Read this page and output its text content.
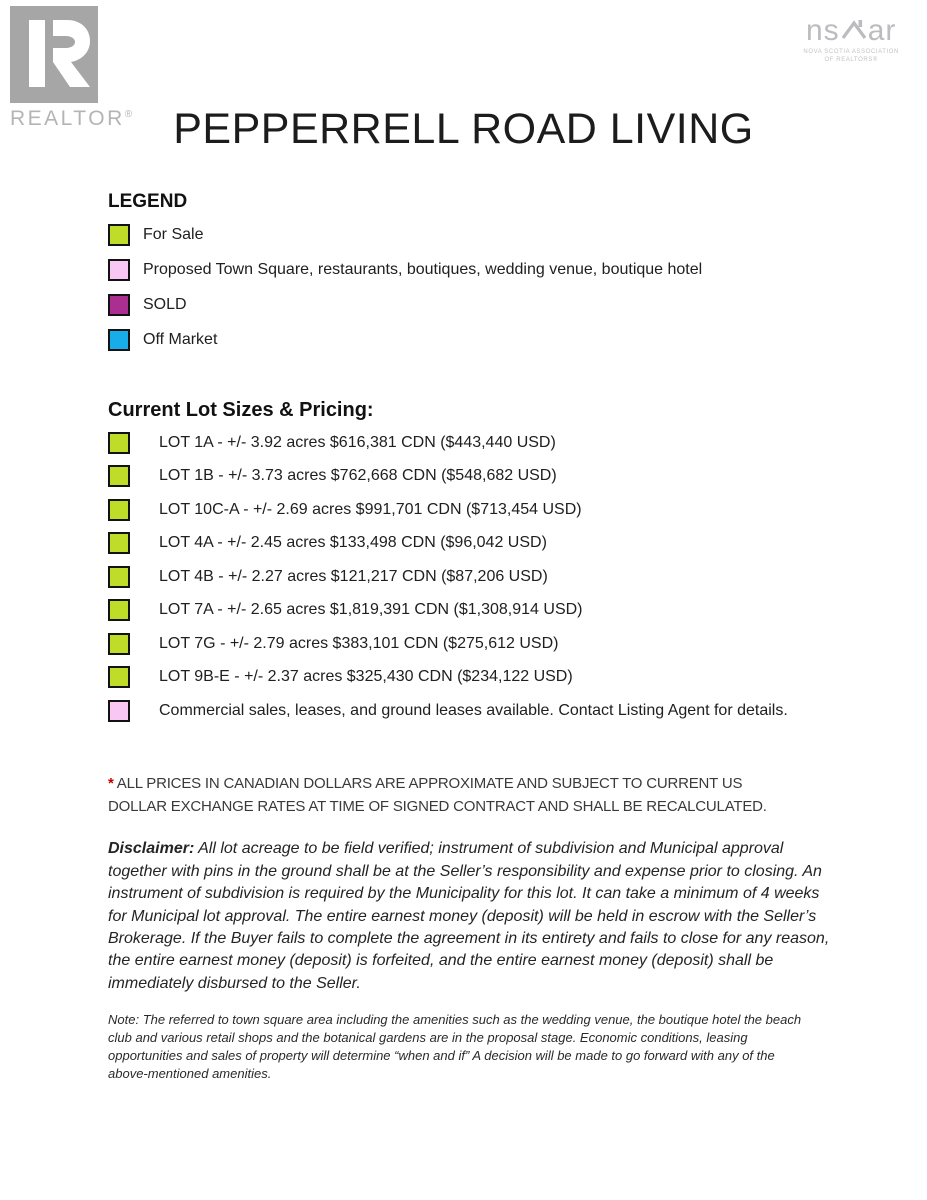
REALTOR®
ns ar
NOVA SCOTIA ASSOCIATION
OF REALTORS®
PEPPERRELL ROAD LIVING
LEGEND
For Sale
Proposed Town Square, restaurants, boutiques, wedding venue, boutique hotel
SOLD
Off Market
Current Lot Sizes & Pricing:
LOT 1A - +/- 3.92 acres $616,381 CDN ($443,440 USD)
LOT 1B - +/- 3.73 acres $762,668 CDN ($548,682 USD)
LOT 10C-A - +/- 2.69 acres $991,701 CDN ($713,454 USD)
LOT 4A - +/- 2.45 acres $133,498 CDN ($96,042 USD)
LOT 4B - +/- 2.27 acres $121,217 CDN ($87,206 USD)
LOT 7A - +/- 2.65 acres $1,819,391 CDN ($1,308,914 USD)
LOT 7G - +/- 2.79 acres $383,101 CDN ($275,612 USD)
LOT 9B-E - +/- 2.37 acres $325,430 CDN ($234,122 USD)
Commercial sales, leases, and ground leases available. Contact Listing Agent for details.

* ALL PRICES IN CANADIAN DOLLARS ARE APPROXIMATE AND SUBJECT TO CURRENT US DOLLAR EXCHANGE RATES AT TIME OF SIGNED CONTRACT AND SHALL BE RECALCULATED.

Disclaimer: All lot acreage to be field verified; instrument of subdivision and Municipal approval together with pins in the ground shall be at the Seller’s responsibility and expense prior to closing. An instrument of subdivision is required by the Municipality for this lot. It can take a minimum of 4 weeks for Municipal lot approval. The entire earnest money (deposit) will be held in escrow with the Seller’s Brokerage. If the Buyer fails to complete the agreement in its entirety and fails to close for any reason, the entire earnest money (deposit) is forfeited, and the entire earnest money (deposit) shall be immediately disbursed to the Seller.

Note: The referred to town square area including the amenities such as the wedding venue, the boutique hotel the beach club and various retail shops and the botanical gardens are in the proposal stage. Economic conditions, leasing opportunities and sales of property will determine “when and if” A decision will be made to go forward with any of the above-mentioned amenities.
